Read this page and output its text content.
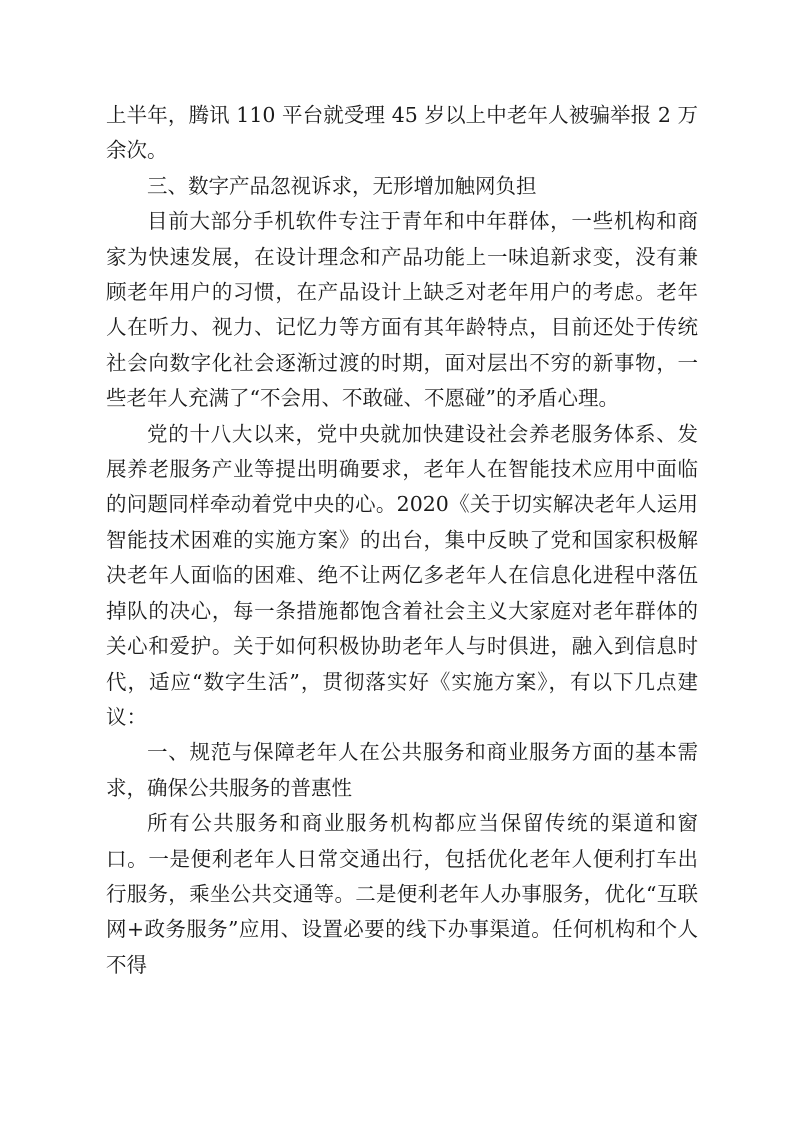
上半年，腾讯 110 平台就受理 45 岁以上中老年人被骗举报 2 万余次。

三、数字产品忽视诉求，无形增加触网负担

目前大部分手机软件专注于青年和中年群体，一些机构和商家为快速发展，在设计理念和产品功能上一味追新求变，没有兼顾老年用户的习惯，在产品设计上缺乏对老年用户的考虑。老年人在听力、视力、记忆力等方面有其年龄特点，目前还处于传统社会向数字化社会逐渐过渡的时期，面对层出不穷的新事物，一些老年人充满了“不会用、不敢碰、不愿碰”的矛盾心理。

党的十八大以来，党中央就加快建设社会养老服务体系、发展养老服务产业等提出明确要求，老年人在智能技术应用中面临的问题同样牵动着党中央的心。2020《关于切实解决老年人运用智能技术困难的实施方案》的出台，集中反映了党和国家积极解决老年人面临的困难、绝不让两亿多老年人在信息化进程中落伍掉队的决心，每一条措施都饱含着社会主义大家庭对老年群体的关心和爱护。关于如何积极协助老年人与时俱进，融入到信息时代，适应“数字生活”，贯彻落实好《实施方案》，有以下几点建议：

一、规范与保障老年人在公共服务和商业服务方面的基本需求，确保公共服务的普惠性

所有公共服务和商业服务机构都应当保留传统的渠道和窗口。一是便利老年人日常交通出行，包括优化老年人便利打车出行服务，乘坐公共交通等。二是便利老年人办事服务，优化“互联网+政务服务”应用、设置必要的线下办事渠道。任何机构和个人不得
